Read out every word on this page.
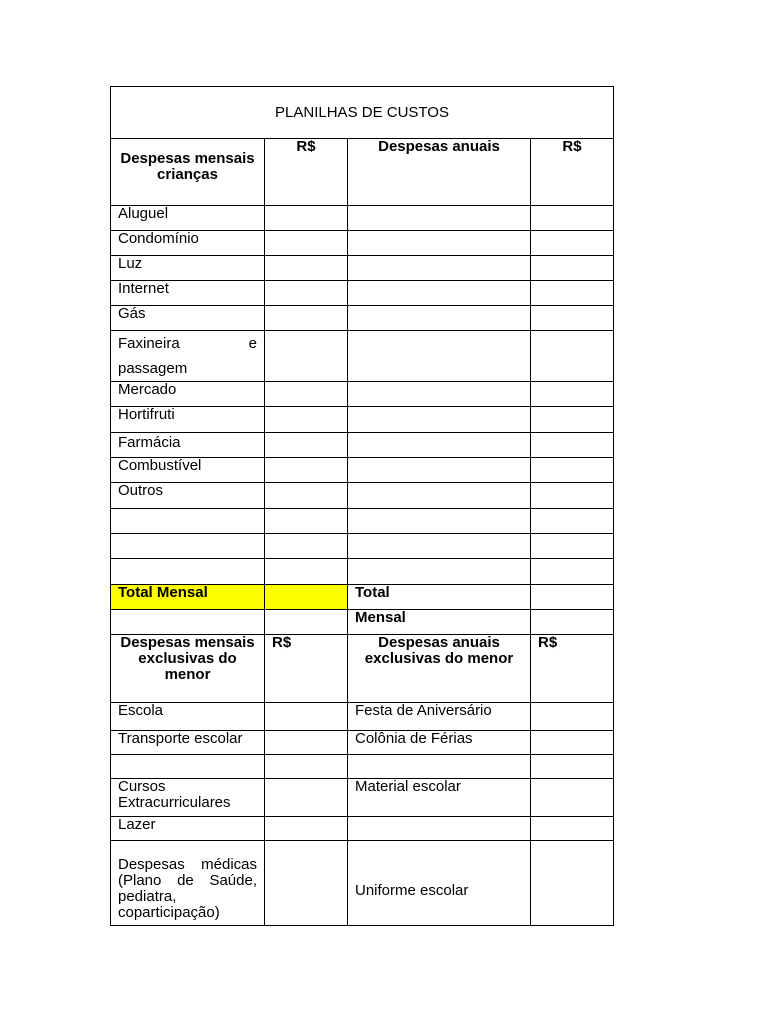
PLANILHAS DE CUSTOS			
Despesas mensais crianças	R$	Despesas anuais	R$
Aluguel			
Condomínio			
Luz			
Internet			
Gás			
Faxineira e passagem			
Mercado			
Hortifruti			
Farmácia			
Combustível			
Outros			

Total Mensal		Total	
		Mensal	
Despesas mensais exclusivas do menor	R$	Despesas anuais exclusivas do menor	R$
Escola		Festa de Aniversário	
Transporte escolar		Colônia de Férias	

Cursos Extracurriculares		Material escolar	
Lazer			
Despesas médicas (Plano de Saúde, pediatra, coparticipação)		Uniforme escolar	
